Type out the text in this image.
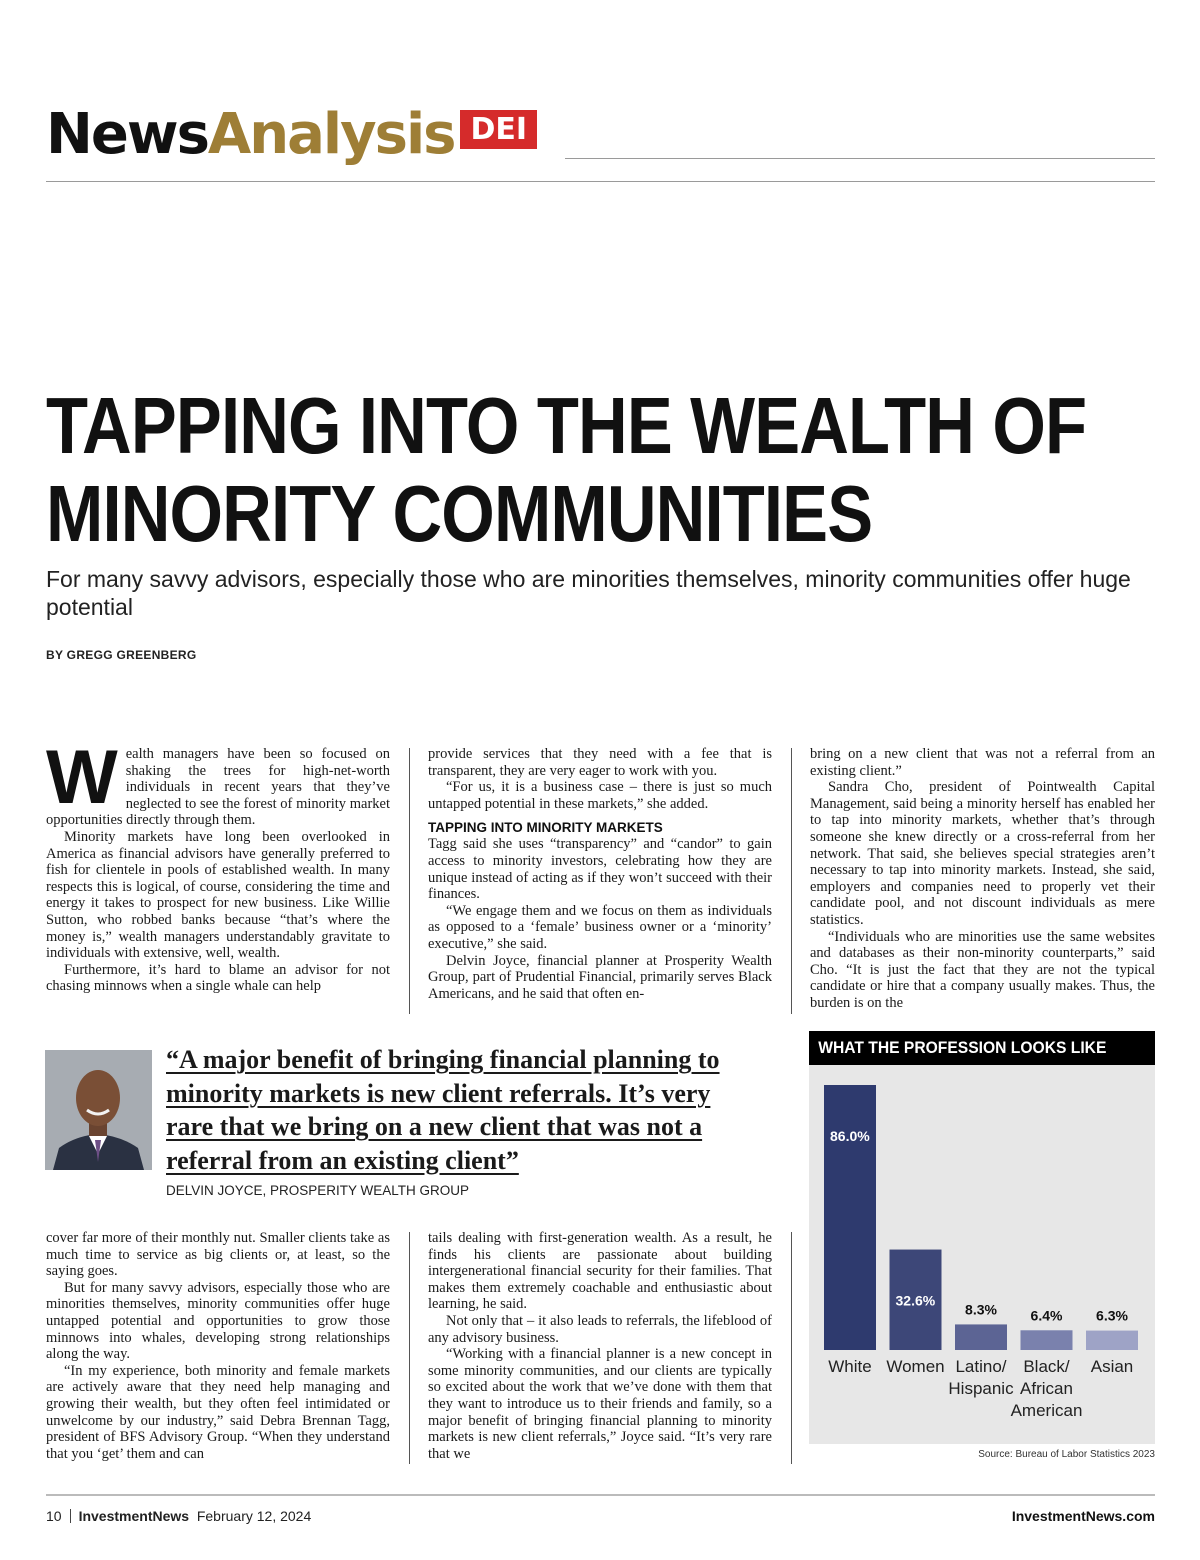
NewsAnalysis DEI
TAPPING INTO THE WEALTH OF
MINORITY COMMUNITIES
For many savvy advisors, especially those who are minorities themselves, minority communities offer huge potential
BY GREGG GREENBERG
W ealth managers have been so focused on shaking the trees for high-net-worth individuals in recent years that they’ve neglected to see the forest of minority market opportunities directly through them.

Minority markets have long been overlooked in America as financial advisors have generally preferred to fish for clientele in pools of established wealth. In many respects this is logical, of course, considering the time and energy it takes to prospect for new business. Like Willie Sutton, who robbed banks because “that’s where the money is,” wealth managers understandably gravitate to individuals with extensive, well, wealth.

Furthermore, it’s hard to blame an advisor for not chasing minnows when a single whale can help

provide services that they need with a fee that is transparent, they are very eager to work with you.

“For us, it is a business case – there is just so much untapped potential in these markets,” she added.

TAPPING INTO MINORITY MARKETS

Tagg said she uses “transparency” and “candor” to gain access to minority investors, celebrating how they are unique instead of acting as if they won’t succeed with their finances.

“We engage them and we focus on them as individuals as opposed to a ‘female’ business owner or a ‘minority’ executive,” she said.

Delvin Joyce, financial planner at Prosperity Wealth Group, part of Prudential Financial, primarily serves Black Americans, and he said that often en-

bring on a new client that was not a referral from an existing client.”

Sandra Cho, president of Pointwealth Capital Management, said being a minority herself has enabled her to tap into minority markets, whether that’s through someone she knew directly or a cross-referral from her network. That said, she believes special strategies aren’t necessary to tap into minority markets. Instead, she said, employers and companies need to properly vet their candidate pool, and not discount individuals as mere statistics.

“Individuals who are minorities use the same websites and databases as their non-minority counterparts,” said Cho. “It is just the fact that they are not the typical candidate or hire that a company usually makes. Thus, the burden is on the

“A major benefit of bringing financial planning to
minority markets is new client referrals. It’s very
rare that we bring on a new client that was not a
referral from an existing client”
DELVIN JOYCE, PROSPERITY WEALTH GROUP

cover far more of their monthly nut. Smaller clients take as much time to service as big clients or, at least, so the saying goes.

But for many savvy advisors, especially those who are minorities themselves, minority communities offer huge untapped potential and opportunities to grow those minnows into whales, developing strong relationships along the way.

“In my experience, both minority and female markets are actively aware that they need help managing and growing their wealth, but they often feel intimidated or unwelcome by our industry,” said Debra Brennan Tagg, president of BFS Advisory Group. “When they understand that you ‘get’ them and can

tails dealing with first-generation wealth. As a result, he finds his clients are passionate about building intergenerational financial security for their families. That makes them extremely coachable and enthusiastic about learning, he said.

Not only that – it also leads to referrals, the lifeblood of any advisory business.

“Working with a financial planner is a new concept in some minority communities, and our clients are typically so excited about the work that we’ve done with them that they want to introduce us to their friends and family, so a major benefit of bringing financial planning to minority markets is new client referrals,” Joyce said. “It’s very rare that we

WHAT THE PROFESSION LOOKS LIKE
86.0%
White
32.6%
Women
8.3%
Latino/
Hispanic
6.4%
Black/
African
American
6.3%
Asian
Source: Bureau of Labor Statistics 2023
10 InvestmentNews February 12, 2024	InvestmentNews.com
